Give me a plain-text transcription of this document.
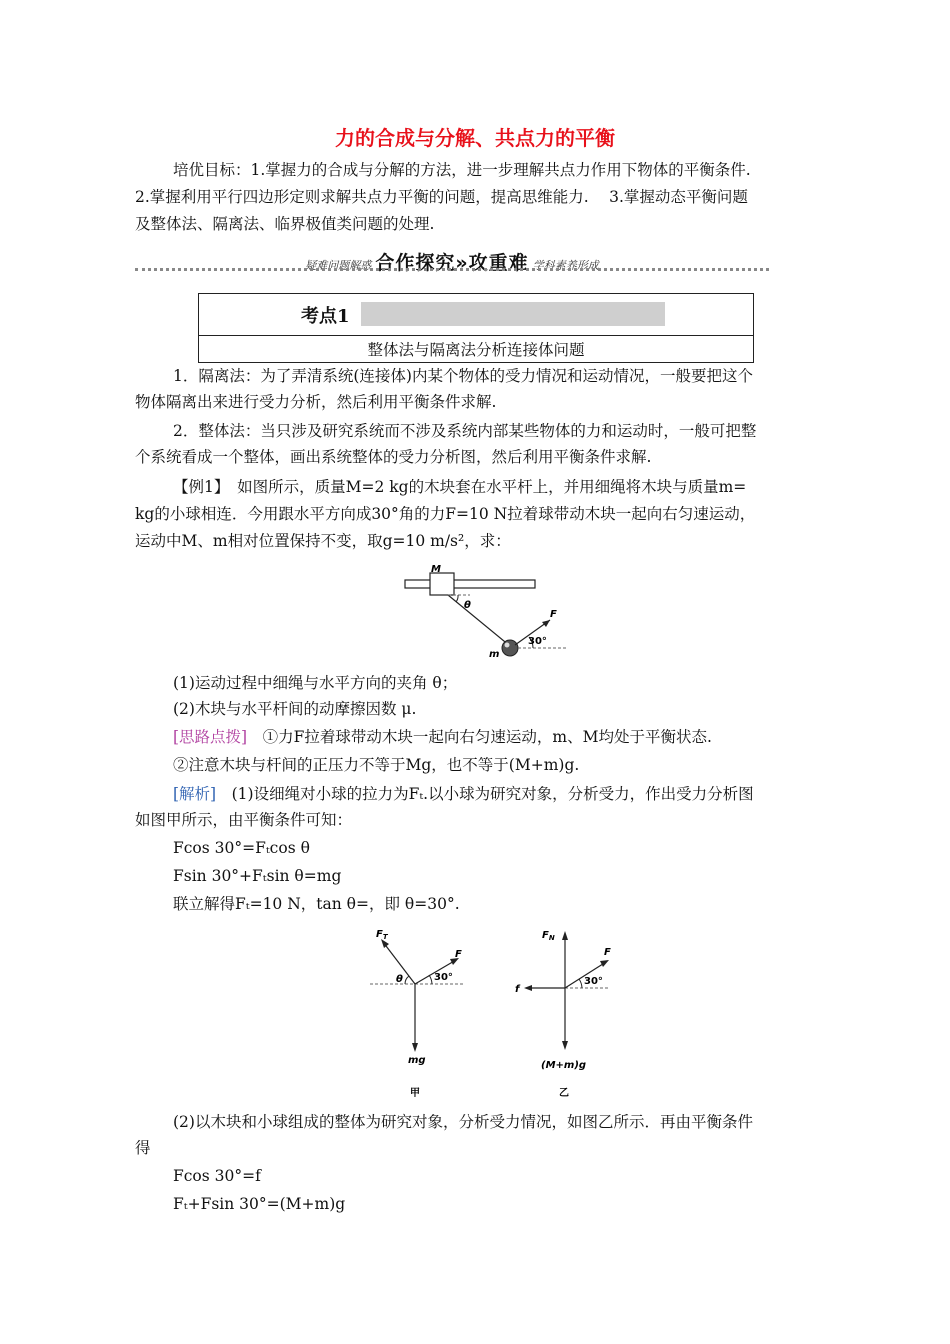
力的合成与分解、共点力的平衡
培优目标：1.掌握力的合成与分解的方法，进一步理解共点力作用下物体的平衡条件.
2.掌握利用平行四边形定则求解共点力平衡的问题，提高思维能力.　 3.掌握动态平衡问题
及整体法、隔离法、临界极值类问题的处理.
疑难问题解惑 合作探究»攻重难 学科素养形成
考点1
整体法与隔离法分析连接体问题
1．隔离法：为了弄清系统(连接体)内某个物体的受力情况和运动情况，一般要把这个
物体隔离出来进行受力分析，然后利用平衡条件求解.
2．整体法：当只涉及研究系统而不涉及系统内部某些物体的力和运动时，一般可把整
个系统看成一个整体，画出系统整体的受力分析图，然后利用平衡条件求解.
【例1】　如图所示，质量M=2 kg的木块套在水平杆上，并用细绳将木块与质量m=
kg的小球相连．今用跟水平方向成30°角的力F=10 N拉着球带动木块一起向右匀速运动，
运动中M、m相对位置保持不变，取g=10 m/s²，求：
M
θ
F
30°
m
(1)运动过程中细绳与水平方向的夹角 θ；
(2)木块与水平杆间的动摩擦因数 μ.
[思路点拨]　 ①力F拉着球带动木块一起向右匀速运动，m、M均处于平衡状态.
②注意木块与杆间的正压力不等于Mg，也不等于(M+m)g.
[解析]　 (1)设细绳对小球的拉力为Fₜ.以小球为研究对象，分析受力，作出受力分析图
如图甲所示，由平衡条件可知：
Fcos 30°=Fₜcos θ
Fsin 30°+Fₜsin θ=mg
联立解得Fₜ=10 N，tan θ=，即 θ=30°.
$F_T$
F
θ	30°
mg
甲
$F_N$
F
f
30°
(M+m)g
乙
(2)以木块和小球组成的整体为研究对象，分析受力情况，如图乙所示．再由平衡条件
得
Fcos 30°=f
Fₜ+Fsin 30°=(M+m)g
